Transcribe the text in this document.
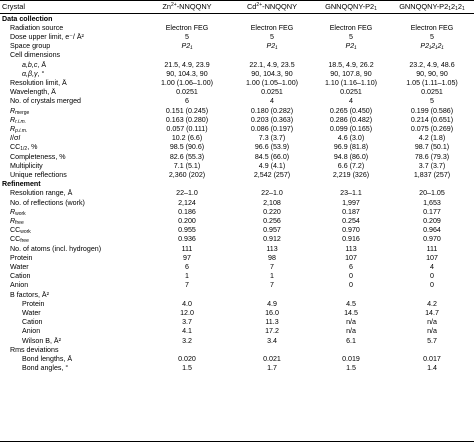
Crystal	$Zn^{2+}$-NNQQNY	$Cd^{2+}$-NNQQNY	GNNQQNY-$P2_1$	GNNQQNY-$P2_12_12_1$
Data collection
Radiation source	Electron FEG	Electron FEG	Electron FEG	Electron FEG
Dose upper limit, e⁻/ Å²	5	5	5	5
Space group	P2₁	P2₁	P2₁	P2₁2₁2₁
Cell dimensions
a,b,c, Å	21.5, 4.9, 23.9	22.1, 4.9, 23.5	18.5, 4.9, 26.2	23.2, 4.9, 48.6
α,β,γ, °	90, 104.3, 90	90, 104.3, 90	90, 107.8, 90	90, 90, 90
Resolution limit, Å	1.00 (1.06–1.00)	1.00 (1.05–1.00)	1.10 (1.16–1.10)	1.05 (1.11–1.05)
Wavelength, Å	0.0251	0.0251	0.0251	0.0251
No. of crystals merged	6	4	4	5
$R_{merge}$	0.151 (0.245)	0.180 (0.282)	0.265 (0.450)	0.199 (0.586)
$R_{r.i.m.}$	0.163 (0.280)	0.203 (0.363)	0.286 (0.482)	0.214 (0.651)
$R_{p.i.m.}$	0.057 (0.111)	0.086 (0.197)	0.099 (0.165)	0.075 (0.269)
I/σI	10.2 (6.6)	7.3 (3.7)	4.6 (3.0)	4.2 (1.8)
$CC_{1/2}$, %	98.5 (90.6)	96.6 (53.9)	96.9 (81.8)	98.7 (50.1)
Completeness, %	82.6 (55.3)	84.5 (66.0)	94.8 (86.0)	78.6 (79.3)
Multiplicity	7.1 (5.1)	4.9 (4.1)	6.6 (7.2)	3.7 (3.7)
Unique reflections	2,360 (202)	2,542 (257)	2,219 (326)	1,837 (257)
Refinement
Resolution range, Å	22–1.0	22–1.0	23–1.1	20–1.05
No. of reflections (work)	2,124	2,108	1,997	1,653
$R_{work}$	0.186	0.220	0.187	0.177
$R_{free}$	0.200	0.256	0.254	0.209
$CC_{work}$	0.955	0.957	0.970	0.964
$CC_{free}$	0.936	0.912	0.916	0.970
No. of atoms (incl. hydrogen)	111	113	113	111
Protein	97	98	107	107
Water	6	7	6	4
Cation	1	1	0	0
Anion	7	7	0	0
B factors, Å²
Protein	4.0	4.9	4.5	4.2
Water	12.0	16.0	14.5	14.7
Cation	3.7	11.3	n/a	n/a
Anion	4.1	17.2	n/a	n/a
Wilson B, Å²	3.2	3.4	6.1	5.7
Rms deviations
Bond lengths, Å	0.020	0.021	0.019	0.017
Bond angles, °	1.5	1.7	1.5	1.4
